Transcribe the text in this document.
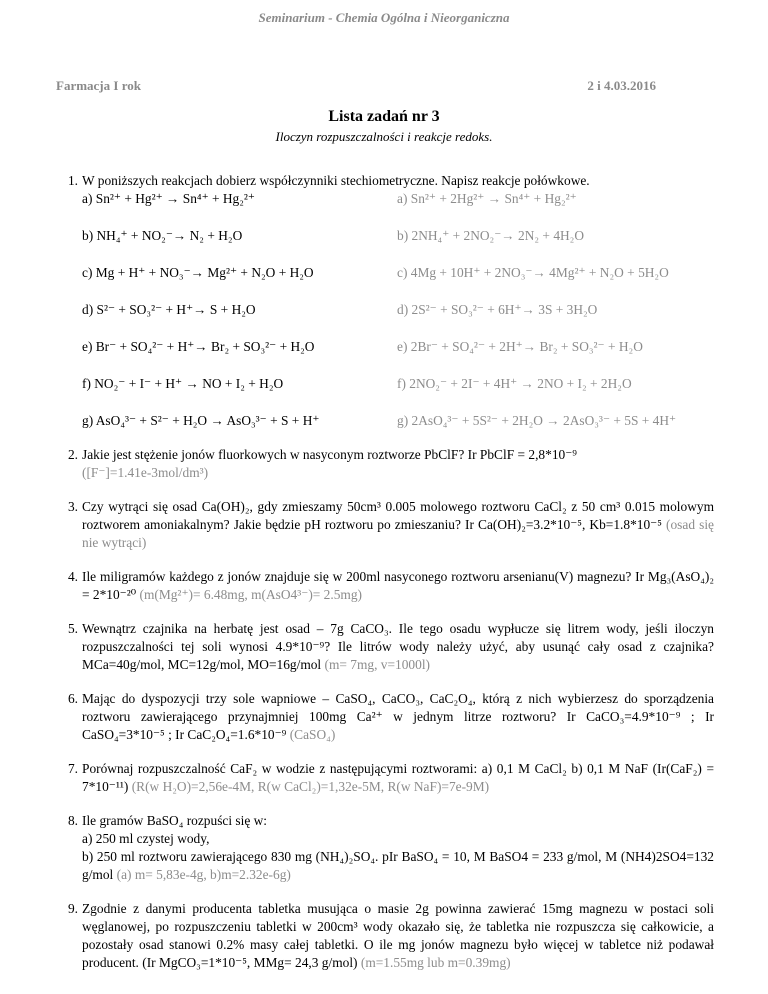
Seminarium - Chemia Ogólna i Nieorganiczna
Farmacja I rok	2 i 4.03.2016
Lista zadań nr 3
Iloczyn rozpuszczalności i reakcje redoks.
1. W poniższych reakcjach dobierz współczynniki stechiometryczne. Napisz reakcje połówkowe.

a) Sn²⁺ + Hg²⁺ → Sn⁴⁺ + Hg₂²⁺	a) Sn²⁺ + 2Hg²⁺ → Sn⁴⁺ + Hg₂²⁺
b) NH₄⁺ + NO₂⁻→ N₂ + H₂O	b) 2NH₄⁺ + 2NO₂⁻→ 2N₂ + 4H₂O
c) Mg + H⁺ + NO₃⁻→ Mg²⁺ + N₂O + H₂O	c) 4Mg + 10H⁺ + 2NO₃⁻→ 4Mg²⁺ + N₂O + 5H₂O
d) S²⁻ + SO₃²⁻ + H⁺→ S + H₂O	d) 2S²⁻ + SO₃²⁻ + 6H⁺→ 3S + 3H₂O
e) Br⁻ + SO₄²⁻ + H⁺→ Br₂ + SO₃²⁻ + H₂O	e) 2Br⁻ + SO₄²⁻ + 2H⁺→ Br₂ + SO₃²⁻ + H₂O
f) NO₂⁻ + I⁻ + H⁺ → NO + I₂ + H₂O	f) 2NO₂⁻ + 2I⁻ + 4H⁺ → 2NO + I₂ + 2H₂O
g) AsO₄³⁻ + S²⁻ + H₂O → AsO₃³⁻ + S + H⁺	g) 2AsO₄³⁻ + 5S²⁻ + 2H₂O → 2AsO₃³⁻ + 5S + 4H⁺
2. Jakie jest stężenie jonów fluorkowych w nasyconym roztworze PbClF? Ir PbClF = 2,8*10⁻⁹
([F⁻]=1.41e-3mol/dm³)
3. Czy wytrąci się osad Ca(OH)₂, gdy zmieszamy 50cm³ 0.005 molowego roztworu CaCl₂ z 50 cm³ 0.015 molowym roztworem amoniakalnym? Jakie będzie pH roztworu po zmieszaniu? Ir Ca(OH)₂=3.2*10⁻⁵, Kb=1.8*10⁻⁵ (osad się nie wytrąci)
4. Ile miligramów każdego z jonów znajduje się w 200ml nasyconego roztworu arsenianu(V) magnezu? Ir Mg₃(AsO₄)₂ = 2*10⁻²⁰ (m(Mg²⁺)= 6.48mg, m(AsO4³⁻)= 2.5mg)
5. Wewnątrz czajnika na herbatę jest osad – 7g CaCO₃. Ile tego osadu wypłucze się litrem wody, jeśli iloczyn rozpuszczalności tej soli wynosi 4.9*10⁻⁹? Ile litrów wody należy użyć, aby usunąć cały osad z czajnika? MCa=40g/mol, MC=12g/mol, MO=16g/mol (m= 7mg, v=1000l)
6. Mając do dyspozycji trzy sole wapniowe – CaSO₄, CaCO₃, CaC₂O₄, którą z nich wybierzesz do sporządzenia roztworu zawierającego przynajmniej 100mg Ca²⁺ w jednym litrze roztworu? Ir CaCO₃=4.9*10⁻⁹ ; Ir CaSO₄=3*10⁻⁵ ; Ir CaC₂O₄=1.6*10⁻⁹ (CaSO₄)
7. Porównaj rozpuszczalność CaF₂ w wodzie z następującymi roztworami: a) 0,1 M CaCl₂ b) 0,1 M NaF (Ir(CaF₂) = 7*10⁻¹¹) (R(w H₂O)=2,56e-4M, R(w CaCl₂)=1,32e-5M, R(w NaF)=7e-9M)
8. Ile gramów BaSO₄ rozpuści się w:
a) 250 ml czystej wody,
b) 250 ml roztworu zawierającego 830 mg (NH₄)₂SO₄. pIr BaSO₄ = 10, M BaSO4 = 233 g/mol, M (NH4)2SO4=132 g/mol (a) m= 5,83e-4g, b)m=2.32e-6g)
9. Zgodnie z danymi producenta tabletka musująca o masie 2g powinna zawierać 15mg magnezu w postaci soli węglanowej, po rozpuszczeniu tabletki w 200cm³ wody okazało się, że tabletka nie rozpuszcza się całkowicie, a pozostały osad stanowi 0.2% masy całej tabletki. O ile mg jonów magnezu było więcej w tabletce niż podawał producent. (Ir MgCO₃=1*10⁻⁵, MMg= 24,3 g/mol) (m=1.55mg lub m=0.39mg)
